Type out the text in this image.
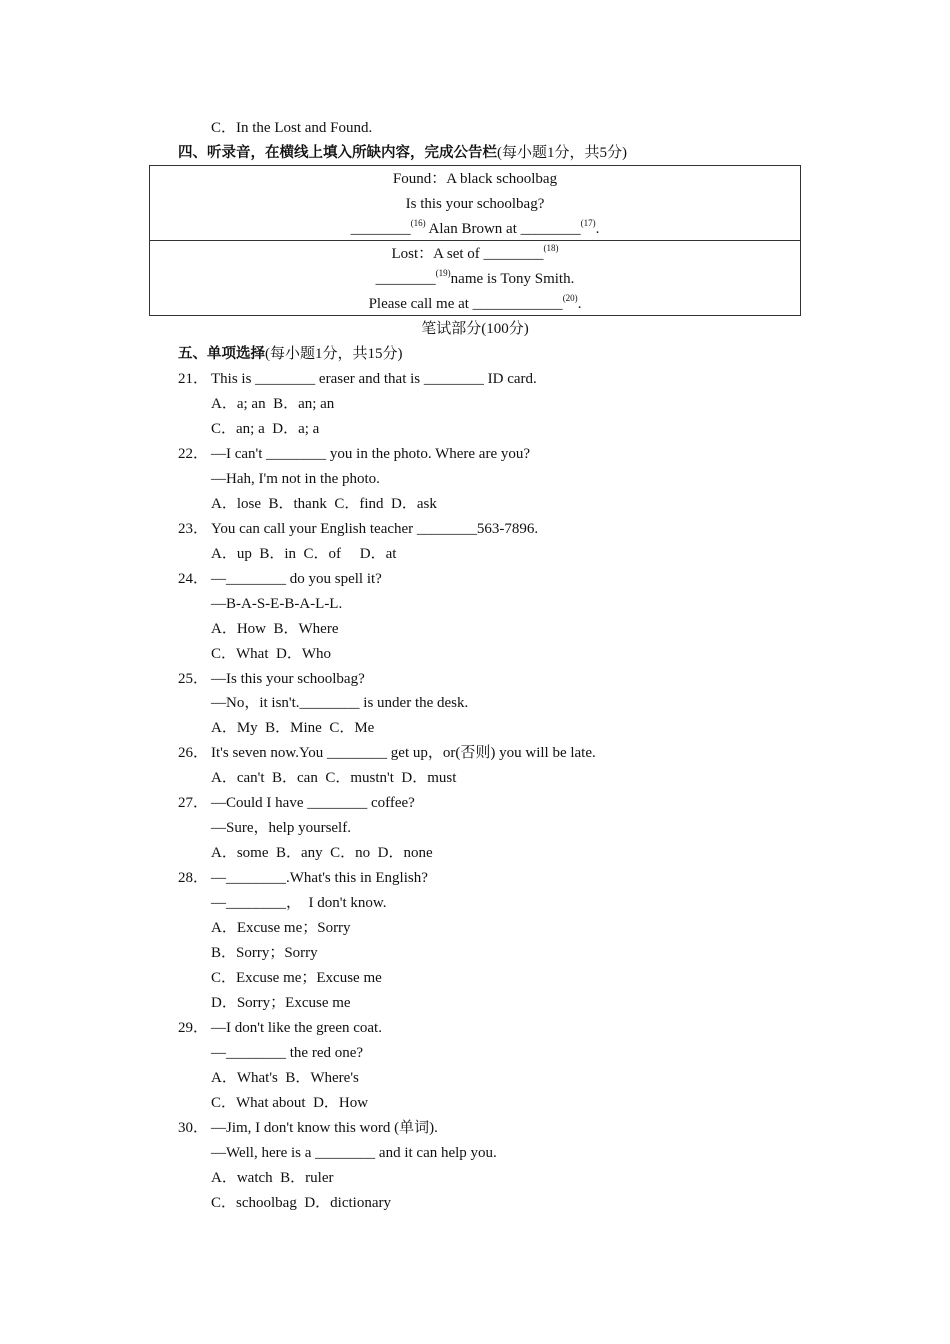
C．In the Lost and Found.
四、听录音，在横线上填入所缺内容，完成公告栏(每小题1分，共5分)
Found：A black schoolbag
Is this your schoolbag?
________$^{(16)}$ Alan Brown at ________$^{(17)}$.
Lost：A set of ________$^{(18)}$
________$^{(19)}$name is Tony Smith.
Please call me at ____________$^{(20)}$.
笔试部分(100分)
五、单项选择(每小题1分，共15分)
21． This is ________ eraser and that is ________ ID card.
A．a; an  B．an; an
C．an; a  D．a; a
22． —I can't ________ you in the photo. Where are you?
—Hah, I'm not in the photo.
A．lose  B．thank  C．find  D．ask
23． You can call your English teacher ________563-7896.
A．up  B．in  C．of     D．at
24． —________ do you spell it?
—B-A-S-E-B-A-L-L.
A．How  B．Where
C．What  D．Who
25． —Is this your schoolbag?
—No，it isn't.________ is under the desk.
A．My  B．Mine  C．Me
26． It's seven now.You ________ get up，or(否则) you will be late.
A．can't  B．can  C．mustn't  D．must
27． —Could I have ________ coffee?
—Sure，help yourself.
A．some  B．any  C．no  D．none
28． —________.What's this in English?
—________，  I don't know.
A．Excuse me；Sorry
B．Sorry；Sorry
C．Excuse me；Excuse me
D．Sorry；Excuse me
29． —I don't like the green coat.
—________ the red one?
A．What's  B．Where's
C．What about  D．How
30． —Jim, I don't know this word (单词).
—Well, here is a ________ and it can help you.
A．watch  B．ruler
C．schoolbag  D．dictionary
